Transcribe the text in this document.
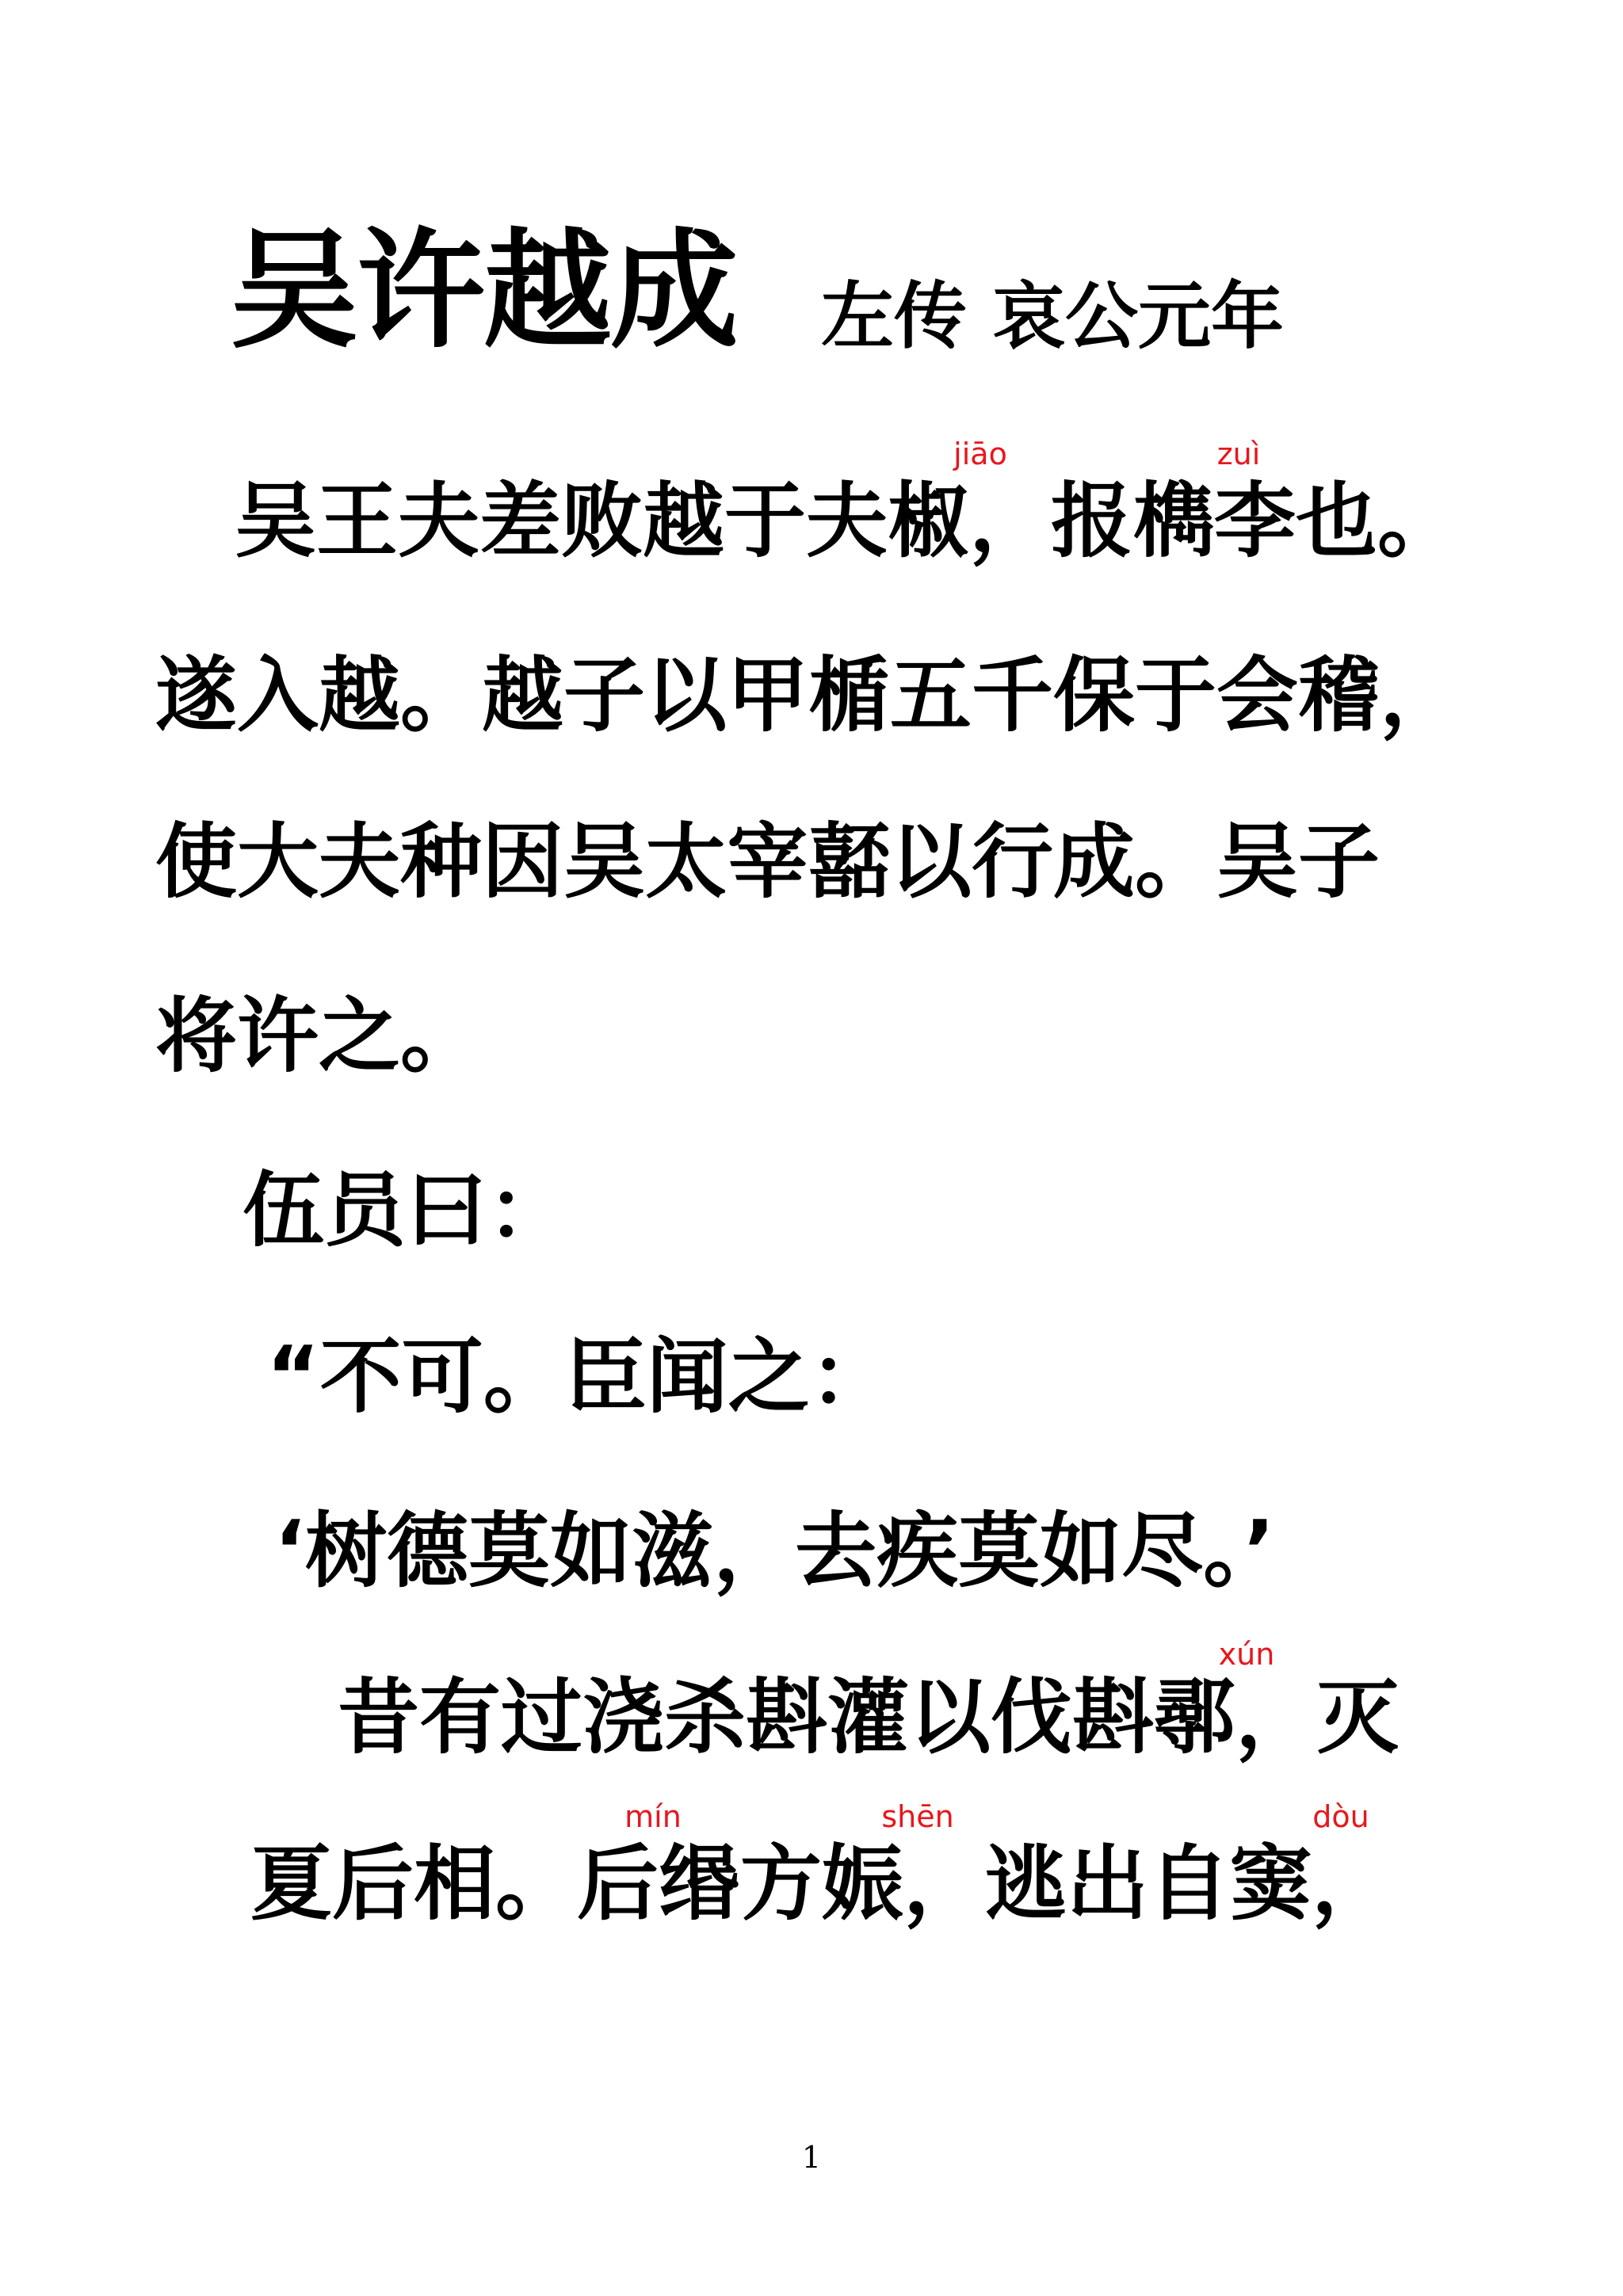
吴许越成 左传 哀公元年
jiāo	zuì
吴王夫差败越于夫椒，报檇李也。
遂入越。越子以甲楯五千保于会稽，
使大夫种因吴太宰嚭以行成。吴子
将许之。
伍员曰：
“不可。臣闻之：
‘树德莫如滋，去疾莫如尽。’
xún
昔有过浇杀斟灌以伐斟鄩，灭
mín	shēn	dòu
夏后相。后缗方娠，逃出自窦，
1
